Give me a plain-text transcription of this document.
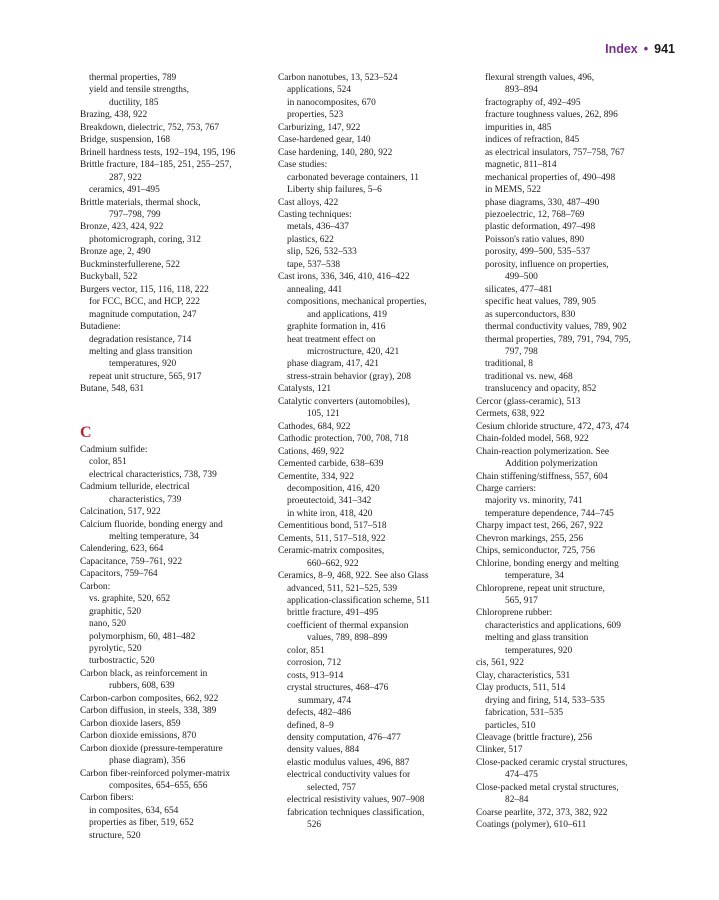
Index • 941
thermal properties, 789
yield and tensile strengths,
ductility, 185
Brazing, 438, 922
Breakdown, dielectric, 752, 753, 767
Bridge, suspension, 168
Brinell hardness tests, 192–194, 195, 196
Brittle fracture, 184–185, 251, 255–257,
287, 922
ceramics, 491–495
Brittle materials, thermal shock,
797–798, 799
Bronze, 423, 424, 922
photomicrograph, coring, 312
Bronze age, 2, 490
Buckminsterfullerene, 522
Buckyball, 522
Burgers vector, 115, 116, 118, 222
for FCC, BCC, and HCP, 222
magnitude computation, 247
Butadiene:
degradation resistance, 714
melting and glass transition
temperatures, 920
repeat unit structure, 565, 917
Butane, 548, 631
C
Cadmium sulfide:
color, 851
electrical characteristics, 738, 739
Cadmium telluride, electrical
characteristics, 739
Calcination, 517, 922
Calcium fluoride, bonding energy and
melting temperature, 34
Calendering, 623, 664
Capacitance, 759–761, 922
Capacitors, 759–764
Carbon:
vs. graphite, 520, 652
graphitic, 520
nano, 520
polymorphism, 60, 481–482
pyrolytic, 520
turbostractic, 520
Carbon black, as reinforcement in
rubbers, 608, 639
Carbon-carbon composites, 662, 922
Carbon diffusion, in steels, 338, 389
Carbon dioxide lasers, 859
Carbon dioxide emissions, 870
Carbon dioxide (pressure-temperature
phase diagram), 356
Carbon fiber-reinforced polymer-matrix
composites, 654–655, 656
Carbon fibers:
in composites, 634, 654
properties as fiber, 519, 652
structure, 520
Carbon nanotubes, 13, 523–524
applications, 524
in nanocomposites, 670
properties, 523
Carburizing, 147, 922
Case-hardened gear, 140
Case hardening, 140, 280, 922
Case studies:
carbonated beverage containers, 11
Liberty ship failures, 5–6
Cast alloys, 422
Casting techniques:
metals, 436–437
plastics, 622
slip, 526, 532–533
tape, 537–538
Cast irons, 336, 346, 410, 416–422
annealing, 441
compositions, mechanical properties,
and applications, 419
graphite formation in, 416
heat treatment effect on
microstructure, 420, 421
phase diagram, 417, 421
stress-strain behavior (gray), 208
Catalysts, 121
Catalytic converters (automobiles),
105, 121
Cathodes, 684, 922
Cathodic protection, 700, 708, 718
Cations, 469, 922
Cemented carbide, 638–639
Cementite, 334, 922
decomposition, 416, 420
proeutectoid, 341–342
in white iron, 418, 420
Cementitious bond, 517–518
Cements, 511, 517–518, 922
Ceramic-matrix composites,
660–662, 922
Ceramics, 8–9, 468, 922. See also Glass
advanced, 511, 521–525, 539
application-classification scheme, 511
brittle fracture, 491–495
coefficient of thermal expansion
values, 789, 898–899
color, 851
corrosion, 712
costs, 913–914
crystal structures, 468–476
summary, 474
defects, 482–486
defined, 8–9
density computation, 476–477
density values, 884
elastic modulus values, 496, 887
electrical conductivity values for
selected, 757
electrical resistivity values, 907–908
fabrication techniques classification,
526
flexural strength values, 496,
893–894
fractography of, 492–495
fracture toughness values, 262, 896
impurities in, 485
indices of refraction, 845
as electrical insulators, 757–758, 767
magnetic, 811–814
mechanical properties of, 490–498
in MEMS, 522
phase diagrams, 330, 487–490
piezoelectric, 12, 768–769
plastic deformation, 497–498
Poisson's ratio values, 890
porosity, 499–500, 535–537
porosity, influence on properties,
499–500
silicates, 477–481
specific heat values, 789, 905
as superconductors, 830
thermal conductivity values, 789, 902
thermal properties, 789, 791, 794, 795,
797, 798
traditional, 8
traditional vs. new, 468
translucency and opacity, 852
Cercor (glass-ceramic), 513
Cermets, 638, 922
Cesium chloride structure, 472, 473, 474
Chain-folded model, 568, 922
Chain-reaction polymerization. See
Addition polymerization
Chain stiffening/stiffness, 557, 604
Charge carriers:
majority vs. minority, 741
temperature dependence, 744–745
Charpy impact test, 266, 267, 922
Chevron markings, 255, 256
Chips, semiconductor, 725, 756
Chlorine, bonding energy and melting
temperature, 34
Chloroprene, repeat unit structure,
565, 917
Chloroprene rubber:
characteristics and applications, 609
melting and glass transition
temperatures, 920
cis, 561, 922
Clay, characteristics, 531
Clay products, 511, 514
drying and firing, 514, 533–535
fabrication, 531–535
particles, 510
Cleavage (brittle fracture), 256
Clinker, 517
Close-packed ceramic crystal structures,
474–475
Close-packed metal crystal structures,
82–84
Coarse pearlite, 372, 373, 382, 922
Coatings (polymer), 610–611
